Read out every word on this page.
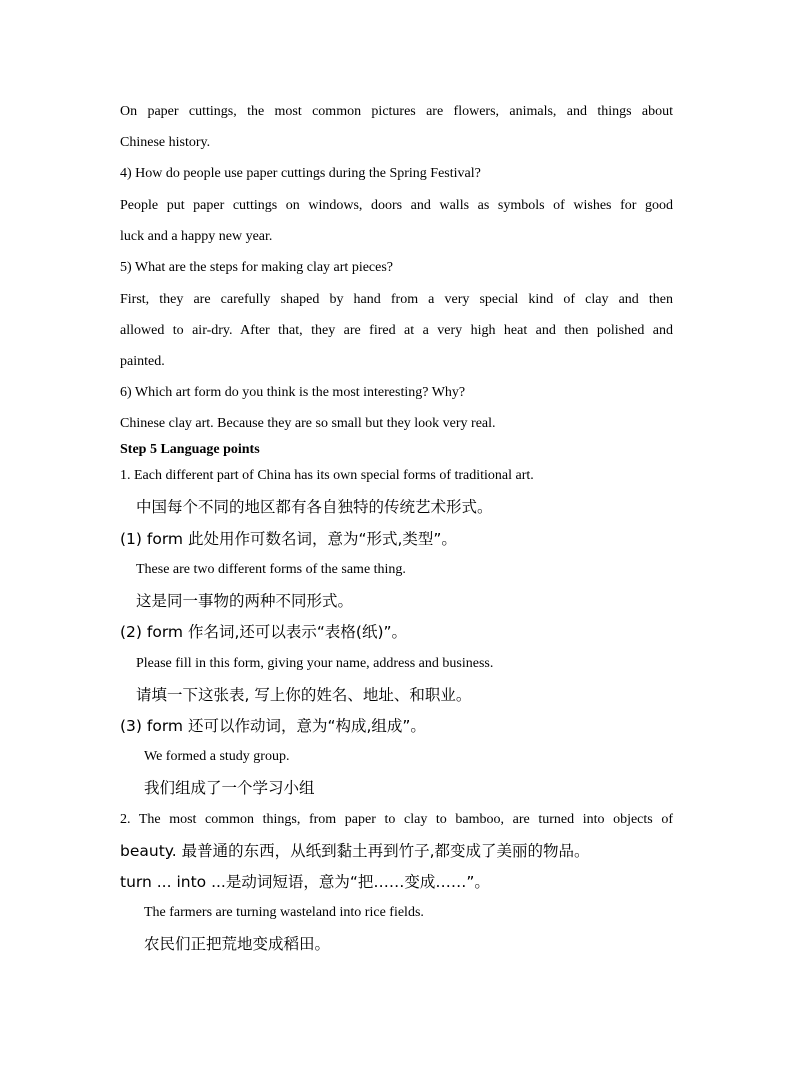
On paper cuttings, the most common pictures are flowers, animals, and things about
Chinese history.
4) How do people use paper cuttings during the Spring Festival?
People put paper cuttings on windows, doors and walls as symbols of wishes for good
luck and a happy new year.
5) What are the steps for making clay art pieces?
First, they are carefully shaped by hand from a very special kind of clay and then
allowed to air-dry. After that, they are fired at a very high heat and then polished and
painted.
6) Which art form do you think is the most interesting? Why?
Chinese clay art. Because they are so small but they look very real.
Step 5 Language points
1. Each different part of China has its own special forms of traditional art.
中国每个不同的地区都有各自独特的传统艺术形式。
(1) form 此处用作可数名词，意为“形式,类型”。
These are two different forms of the same thing.
这是同一事物的两种不同形式。
(2) form 作名词,还可以表示“表格(纸)”。
Please fill in this form, giving your name, address and business.
请填一下这张表, 写上你的姓名、地址、和职业。
(3) form 还可以作动词，意为“构成,组成”。
We formed a study group.
我们组成了一个学习小组
2. The most common things, from paper to clay to bamboo, are turned into objects of
beauty. 最普通的东西，从纸到黏土再到竹子,都变成了美丽的物品。
turn ... into ...是动词短语，意为“把……变成……”。
The farmers are turning wasteland into rice fields.
农民们正把荒地变成稻田。
